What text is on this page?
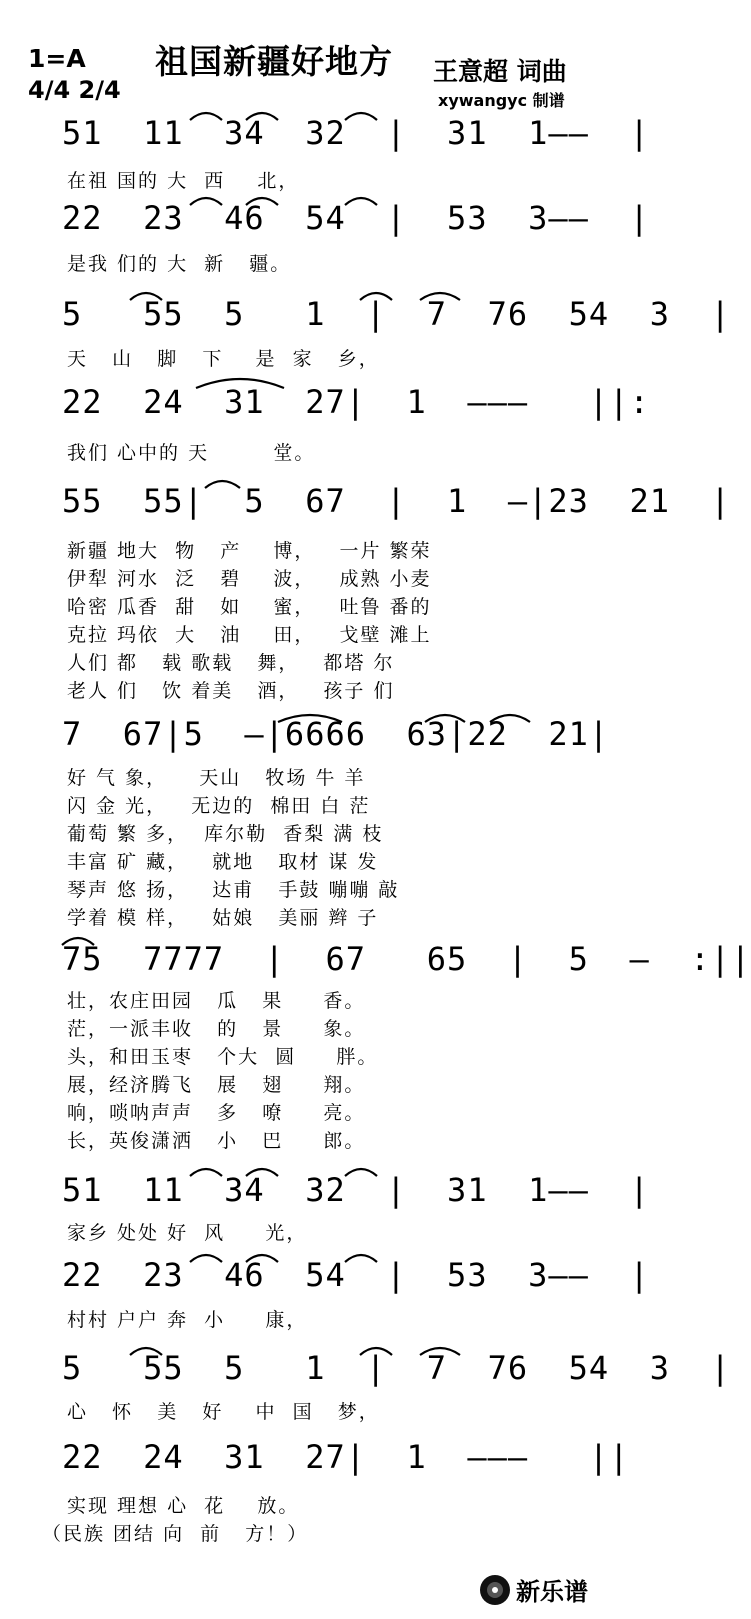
1=A
4/4 2/4
祖国新疆好地方 王意超 词曲
xywangyc 制谱
51  11  34  32  |  31  1——  |
在祖 国的 大  西    北，
22  23  46  54  |  53  3——  |
是我 们的 大  新   疆。
5   55  5   1  |  7  76  54  3  |
天   山   脚   下    是  家   乡，
22  24  31  27|  1  ———   ||:
我们 心中的 天        堂。
55  55|  5  67  |  1  —|23  21  |
新疆 地大  物   产    博，   一片 繁荣
伊犁 河水  泛   碧    波，   成熟 小麦
哈密 瓜香  甜   如    蜜，   吐鲁 番的
克拉 玛依  大   油    田，   戈壁 滩上
人们 都   载 歌载   舞，   都塔 尔
老人 们   饮 着美   酒，   孩子 们
7  67|5  —|6666  63|22  21|
好 气 象，    天山   牧场 牛 羊
闪 金 光，   无边的  棉田 白 茫
葡萄 繁 多，  库尔勒  香梨 满 枝
丰富 矿 藏，   就地   取材 谋 发
琴声 悠 扬，   达甫   手鼓 嘣嘣 敲
学着 模 样，   姑娘   美丽 辫 子
75  7777  |  67   65  |  5  —  :||
壮，农庄田园   瓜   果     香。
茫，一派丰收   的   景     象。
头，和田玉枣   个大  圆     胖。
展，经济腾飞   展   翅     翔。
响，唢呐声声   多   嘹     亮。
长，英俊潇洒   小   巴     郎。
51  11  34  32  |  31  1——  |
家乡 处处 好  风     光，
22  23  46  54  |  53  3——  |
村村 户户 奔  小     康，
5   55  5   1  |  7  76  54  3  |
心   怀   美   好    中  国   梦，
22  24  31  27|  1  ———   ||
实现 理想 心  花    放。
（民族 团结 向  前   方！）
新乐谱
